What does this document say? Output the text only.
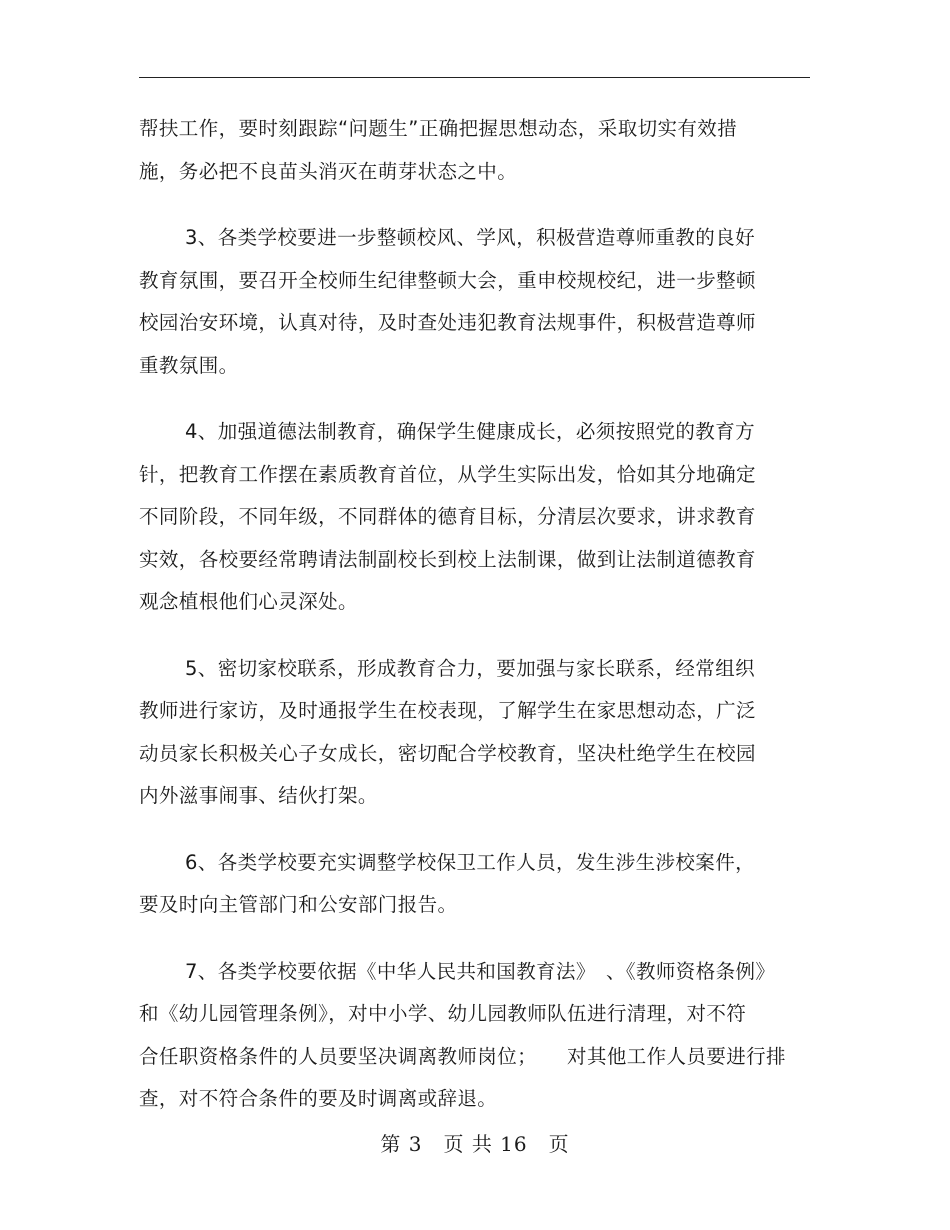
帮扶工作，要时刻跟踪“问题生”正确把握思想动态，采取切实有效措
施，务必把不良苗头消灭在萌芽状态之中。

3、各类学校要进一步整顿校风、学风，积极营造尊师重教的良好
教育氛围，要召开全校师生纪律整顿大会，重申校规校纪，进一步整顿
校园治安环境，认真对待，及时查处违犯教育法规事件，积极营造尊师
重教氛围。

4、加强道德法制教育，确保学生健康成长，必须按照党的教育方
针，把教育工作摆在素质教育首位，从学生实际出发，恰如其分地确定
不同阶段，不同年级，不同群体的德育目标，分清层次要求，讲求教育
实效，各校要经常聘请法制副校长到校上法制课，做到让法制道德教育
观念植根他们心灵深处。

5、密切家校联系，形成教育合力，要加强与家长联系，经常组织
教师进行家访，及时通报学生在校表现，了解学生在家思想动态，广泛
动员家长积极关心子女成长，密切配合学校教育，坚决杜绝学生在校园
内外滋事闹事、结伙打架。

6、各类学校要充实调整学校保卫工作人员，发生涉生涉校案件，
要及时向主管部门和公安部门报告。

7、各类学校要依据《中华人民共和国教育法》　、《教师资格条例》
和《幼儿园管理条例》，对中小学、幼儿园教师队伍进行清理，对不符
合任职资格条件的人员要坚决调离教师岗位；　　对其他工作人员要进行排
查，对不符合条件的要及时调离或辞退。

第 3　页 共 16　页
